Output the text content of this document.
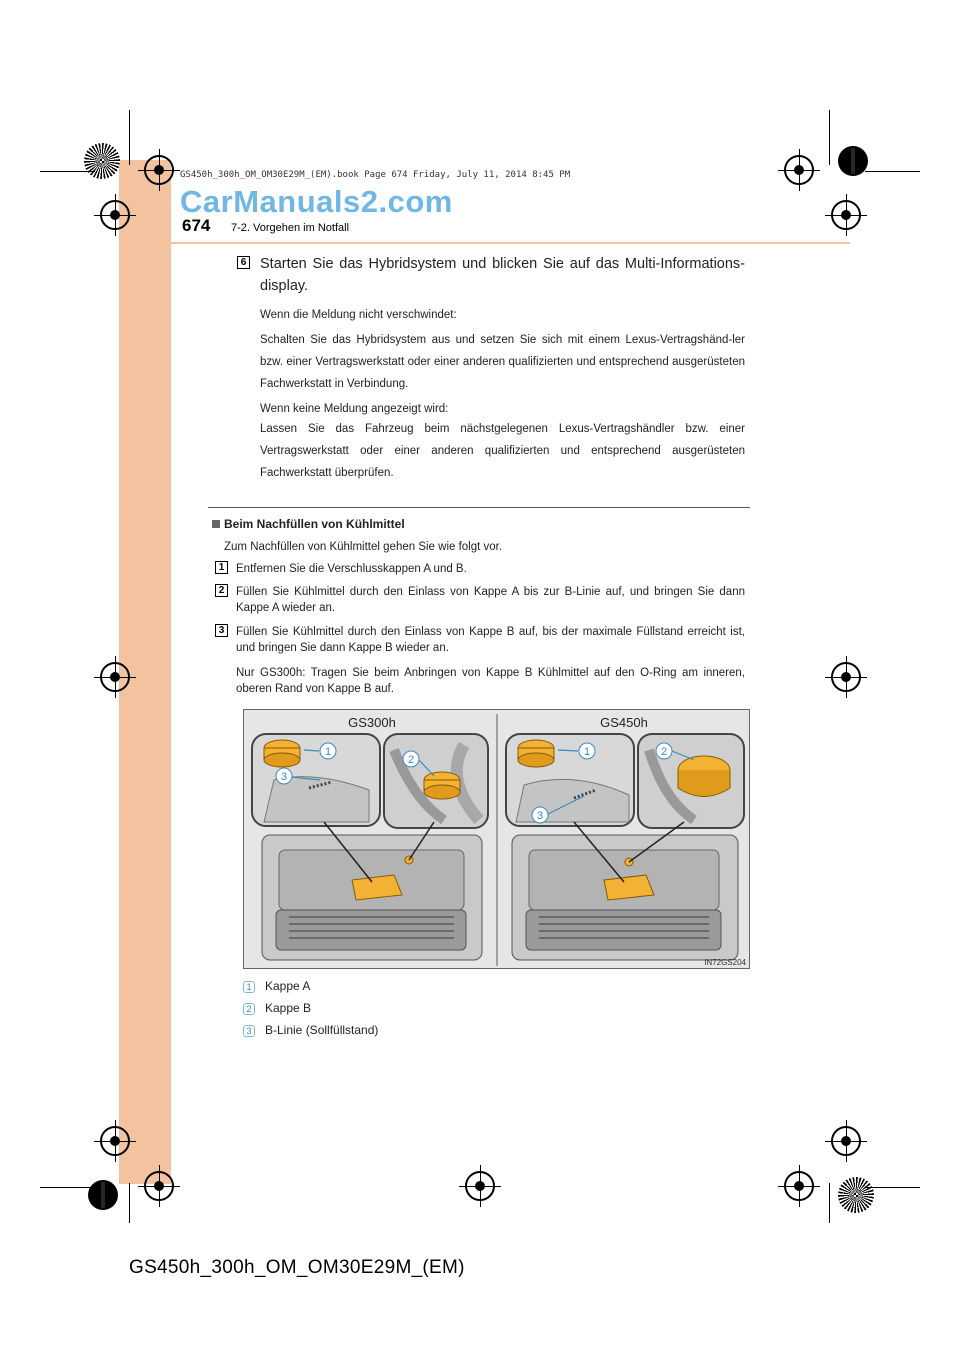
GS450h_300h_OM_OM30E29M_(EM).book Page 674 Friday, July 11, 2014 8:45 PM
CarManuals2.com
674 7-2. Vorgehen im Notfall
6 Starten Sie das Hybridsystem und blicken Sie auf das Multi-Informations-display.
Wenn die Meldung nicht verschwindet:
Schalten Sie das Hybridsystem aus und setzen Sie sich mit einem Lexus-Vertragshänd-ler bzw. einer Vertragswerkstatt oder einer anderen qualifizierten und entsprechend ausgerüsteten Fachwerkstatt in Verbindung.
Wenn keine Meldung angezeigt wird:
Lassen Sie das Fahrzeug beim nächstgelegenen Lexus-Vertragshändler bzw. einer Vertragswerkstatt oder einer anderen qualifizierten und entsprechend ausgerüsteten Fachwerkstatt überprüfen.
Beim Nachfüllen von Kühlmittel
Zum Nachfüllen von Kühlmittel gehen Sie wie folgt vor.
1	Entfernen Sie die Verschlusskappen A und B.
2	Füllen Sie Kühlmittel durch den Einlass von Kappe A bis zur B-Linie auf, und bringen Sie dann Kappe A wieder an.
3	Füllen Sie Kühlmittel durch den Einlass von Kappe B auf, bis der maximale Füllstand erreicht ist, und bringen Sie dann Kappe B wieder an.
Nur GS300h: Tragen Sie beim Anbringen von Kappe B Kühlmittel auf den O-Ring am inneren, oberen Rand von Kappe B auf.
GS300h	GS450h
1
3
2
1
3
2
IN72GS204
1 Kappe A
2 Kappe B
3 B-Linie (Sollfüllstand)
GS450h_300h_OM_OM30E29M_(EM)
